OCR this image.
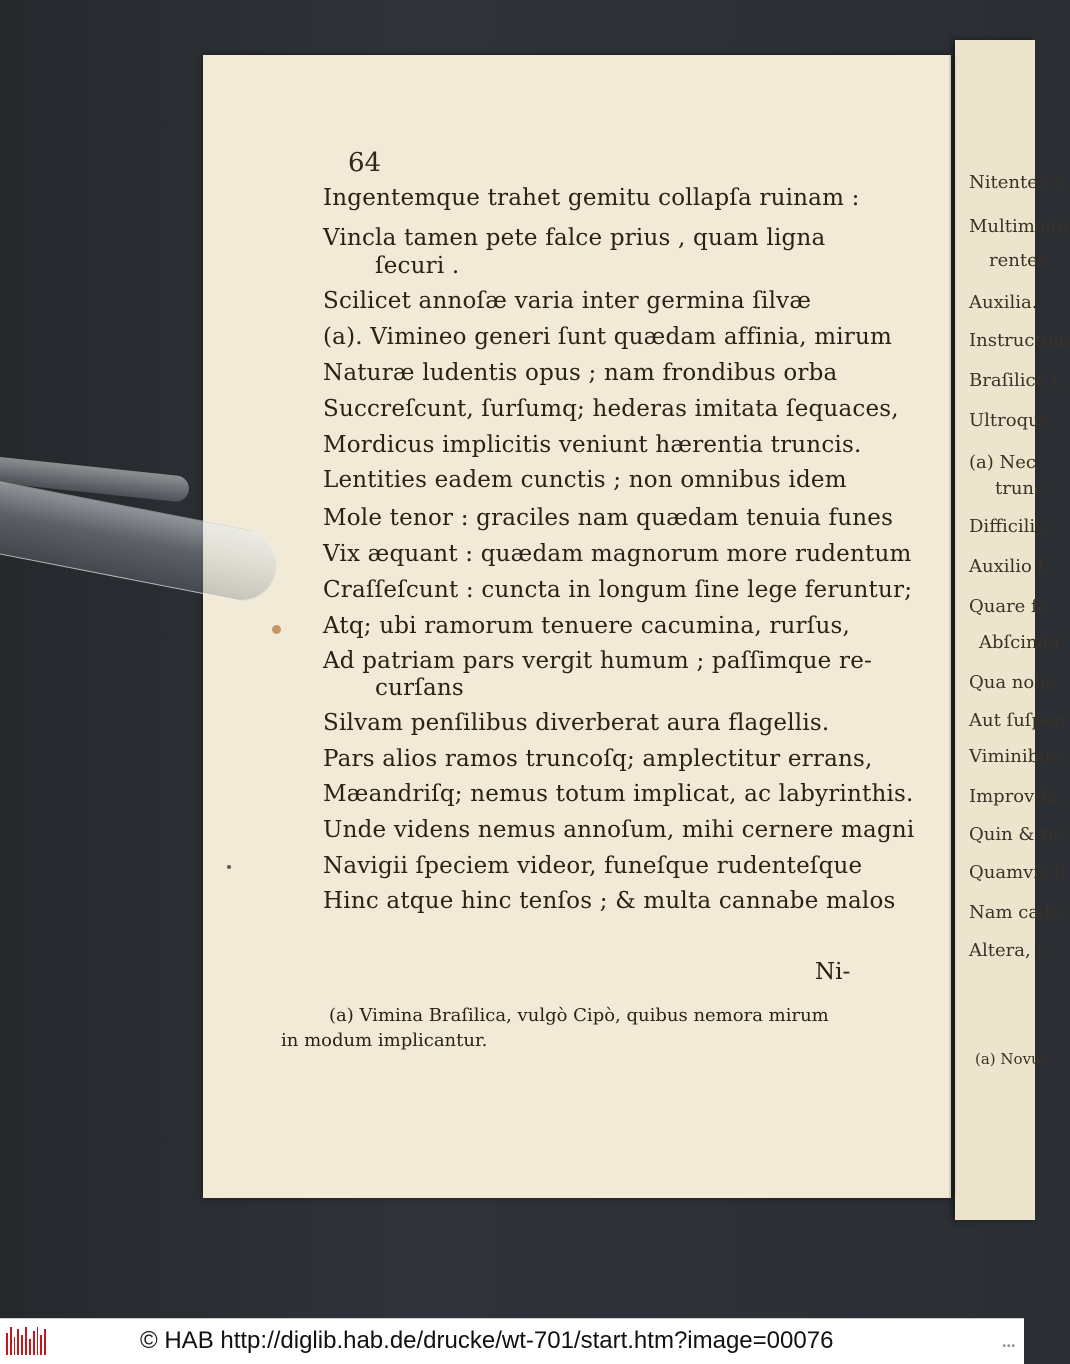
Nitentes a
Multimodo
rentes
Auxilia.
Instructum
Braſilica i
Ultroque
(a) Nec
trunc
Difficilis
Auxilio f
Quare fa
Abſcinda
Qua nolis
Aut ſuſpen
Viminibus
Improviſa
Quin & tu
Quamvis il
Nam cade
Altera, c
(a) Novus
64
Ingentemque trahet gemitu collapſa ruinam :
Vincla tamen pete falce prius , quam ligna
ſecuri .
Scilicet annoſæ varia inter germina ſilvæ
(a). Vimineo generi ſunt quædam affinia, mirum
Naturæ ludentis opus ; nam frondibus orba
Succreſcunt, ſurſumq; hederas imitata ſequaces,
Mordicus implicitis veniunt hærentia truncis.
Lentities eadem cunctis ; non omnibus idem
Mole tenor : graciles nam quædam tenuia funes
Vix æquant : quædam magnorum more rudentum
Craſſeſcunt : cuncta in longum ſine lege feruntur;
Atq; ubi ramorum tenuere cacumina, rurſus,
Ad patriam pars vergit humum ; paſſimque re-
curſans
Silvam penſilibus diverberat aura flagellis.
Pars alios ramos truncoſq; amplectitur errans,
Mæandriſq; nemus totum implicat, ac labyrinthis.
Unde videns nemus annoſum, mihi cernere magni
Navigii ſpeciem videor, funeſque rudenteſque
Hinc atque hinc tenſos ; & multa cannabe malos
Ni-
(a) Vimina Braſilica, vulgò Cipò, quibus nemora mirum
in modum implicantur.
© HAB http://diglib.hab.de/drucke/wt-701/start.htm?image=00076	•••
